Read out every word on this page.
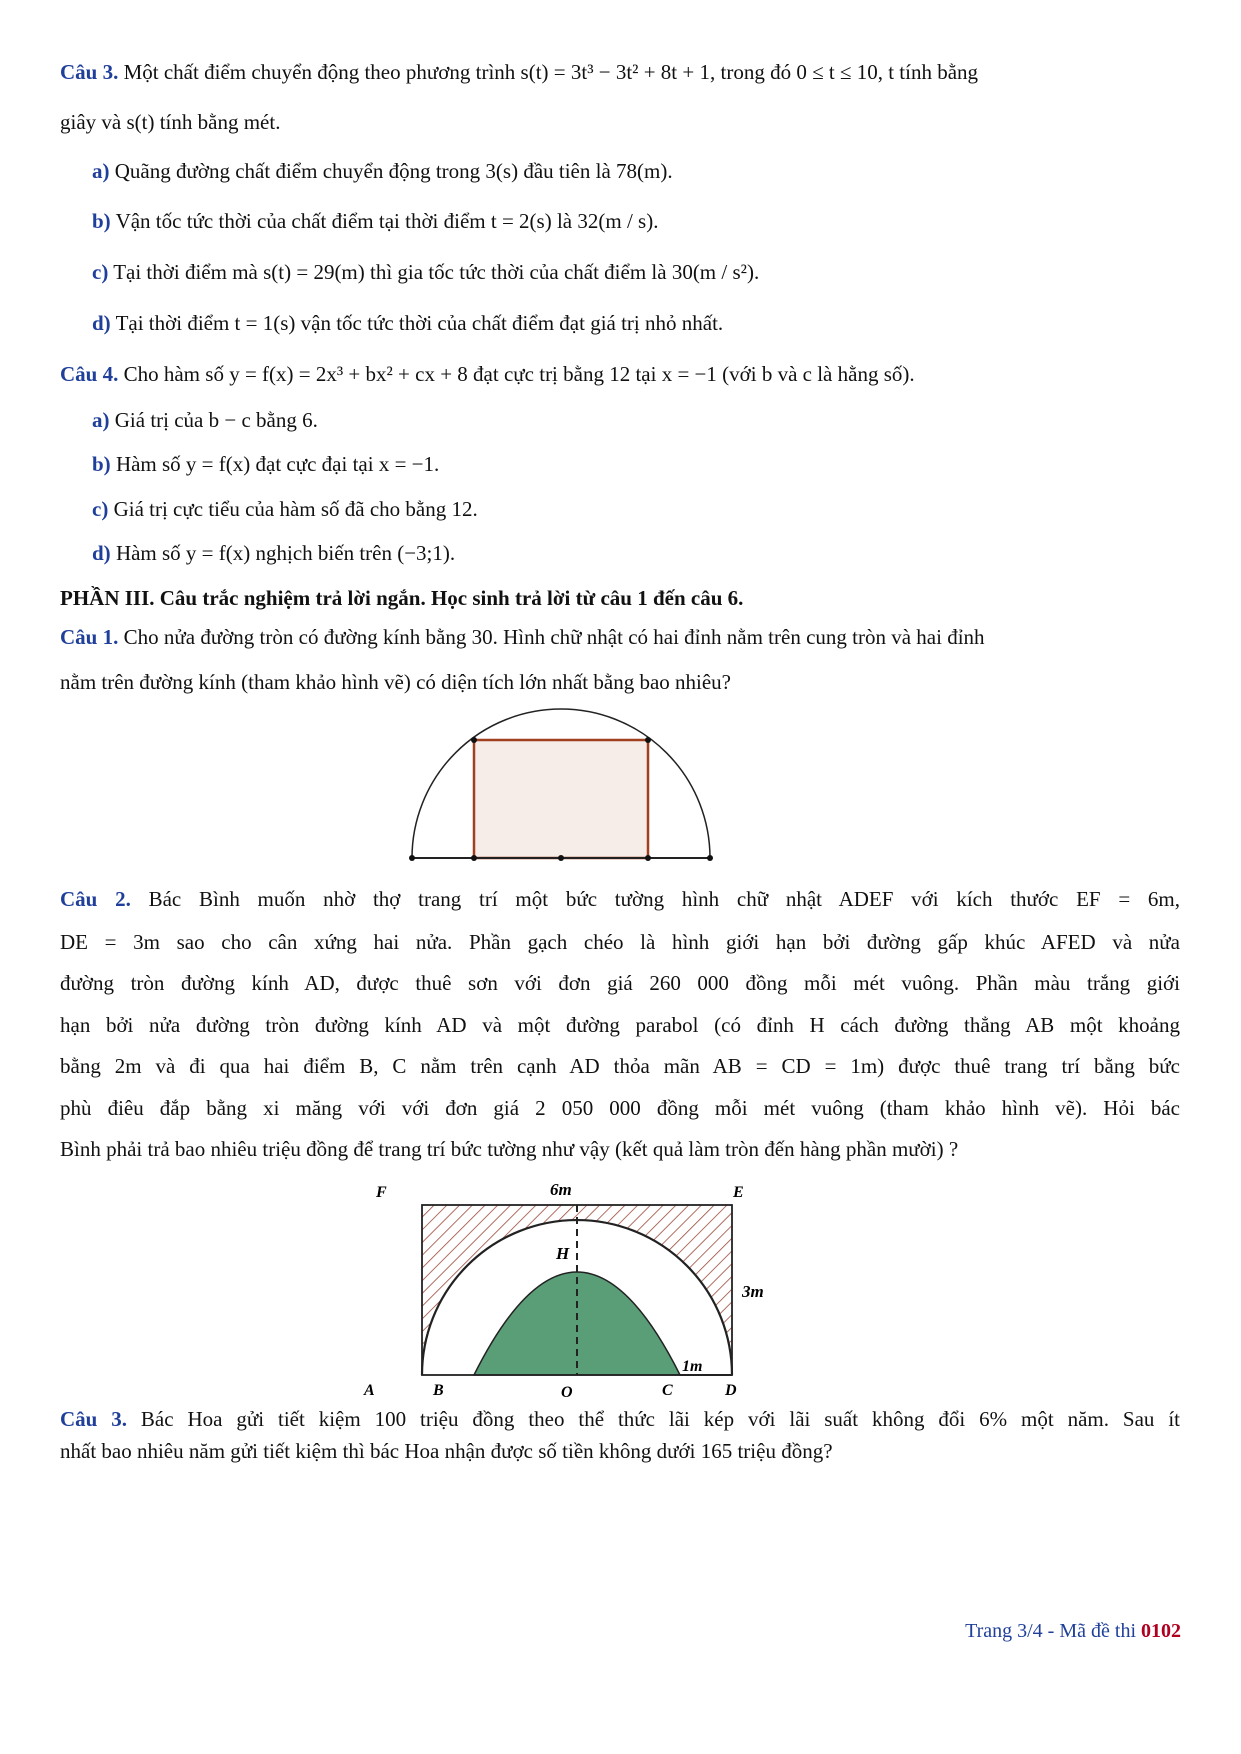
Câu 3. Một chất điểm chuyển động theo phương trình s(t) = 3t³ − 3t² + 8t + 1, trong đó 0 ≤ t ≤ 10, t tính bằng
giây và s(t) tính bằng mét.
a) Quãng đường chất điểm chuyển động trong 3(s) đầu tiên là 78(m).
b) Vận tốc tức thời của chất điểm tại thời điểm t = 2(s) là 32(m / s).
c) Tại thời điểm mà s(t) = 29(m) thì gia tốc tức thời của chất điểm là 30(m / s²).
d) Tại thời điểm t = 1(s) vận tốc tức thời của chất điểm đạt giá trị nhỏ nhất.
Câu 4. Cho hàm số y = f(x) = 2x³ + bx² + cx + 8 đạt cực trị bằng 12 tại x = −1 (với b và c là hằng số).
a) Giá trị của b − c bằng 6.
b) Hàm số y = f(x) đạt cực đại tại x = −1.
c) Giá trị cực tiểu của hàm số đã cho bằng 12.
d) Hàm số y = f(x) nghịch biến trên (−3;1).
PHẦN III. Câu trắc nghiệm trả lời ngắn. Học sinh trả lời từ câu 1 đến câu 6.
Câu 1. Cho nửa đường tròn có đường kính bằng 30. Hình chữ nhật có hai đỉnh nằm trên cung tròn và hai đỉnh
nằm trên đường kính (tham khảo hình vẽ) có diện tích lớn nhất bằng bao nhiêu?
Câu 2. Bác Bình muốn nhờ thợ trang trí một bức tường hình chữ nhật ADEF với kích thước EF = 6m,
DE = 3m sao cho cân xứng hai nửa. Phần gạch chéo là hình giới hạn bởi đường gấp khúc AFED và nửa
đường tròn đường kính AD, được thuê sơn với đơn giá 260 000 đồng mỗi mét vuông. Phần màu trắng giới
hạn bởi nửa đường tròn đường kính AD và một đường parabol (có đỉnh H cách đường thẳng AB một khoảng
bằng 2m và đi qua hai điểm B, C nằm trên cạnh AD thỏa mãn AB = CD = 1m) được thuê trang trí bằng bức
phù điêu đắp bằng xi măng với với đơn giá 2 050 000 đồng mỗi mét vuông (tham khảo hình vẽ). Hỏi bác
Bình phải trả bao nhiêu triệu đồng để trang trí bức tường như vậy (kết quả làm tròn đến hàng phần mười) ?
F	6m	E
H
3m
1m
A	B	O	C	D
Câu 3. Bác Hoa gửi tiết kiệm 100 triệu đồng theo thể thức lãi kép với lãi suất không đổi 6% một năm. Sau ít
nhất bao nhiêu năm gửi tiết kiệm thì bác Hoa nhận được số tiền không dưới 165 triệu đồng?
Trang 3/4 - Mã đề thi 0102
